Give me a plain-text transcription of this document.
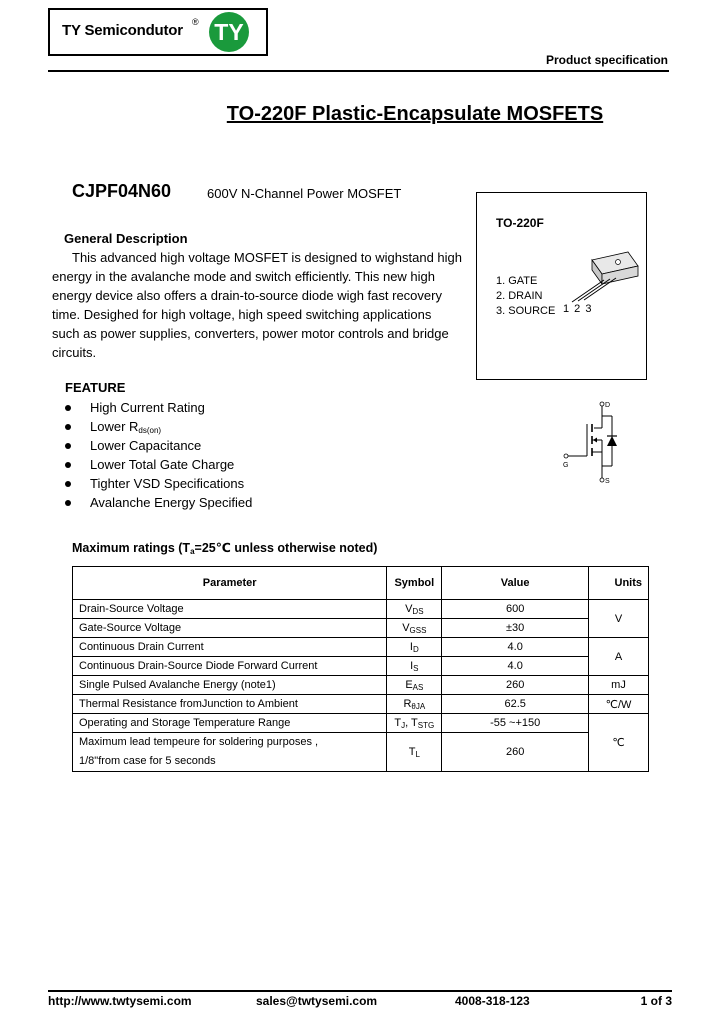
TY Semicondutor ® TY
Product specification
TO-220F Plastic-Encapsulate MOSFETS
CJPF04N60	600V N-Channel Power MOSFET
General Description
This advanced high voltage MOSFET is designed to wighstand high energy in the avalanche mode and switch efficiently. This new high energy device also offers a drain-to-source diode wigh fast recovery time. Desighed for high voltage, high speed switching applications such as power supplies, converters, power motor controls and bridge circuits.
TO-220F
1. GATE
2. DRAIN
3. SOURCE 1 2 3
FEATURE
High Current Rating
Lower $R_{ds(on)}$
Lower Capacitance
Lower Total Gate Charge
Tighter VSD Specifications
Avalanche Energy Specified
D
G
S
Maximum ratings ($T_a=25℃$ unless otherwise noted)
Parameter	Symbol	Value	Units
Drain-Source Voltage	$V_{DS}$	600	V
Gate-Source Voltage	$V_{GSS}$	±30	
Continuous Drain Current	$I_D$	4.0	A
Continuous Drain-Source Diode Forward Current	$I_S$	4.0	
Single Pulsed Avalanche Energy (note1)	$E_{AS}$	260	mJ
Thermal Resistance fromJunction to Ambient	$R_{\theta JA}$	62.5	℃/W
Operating and Storage Temperature Range	$T_J$, $T_{STG}$	-55 ~+150	℃

Maximum lead tempeure for soldering purposes ,
1/8"from case for 5 seconds	$T_L$	260	
http://www.twtysemi.com	sales@twtysemi.com	4008-318-123	1 of 3
